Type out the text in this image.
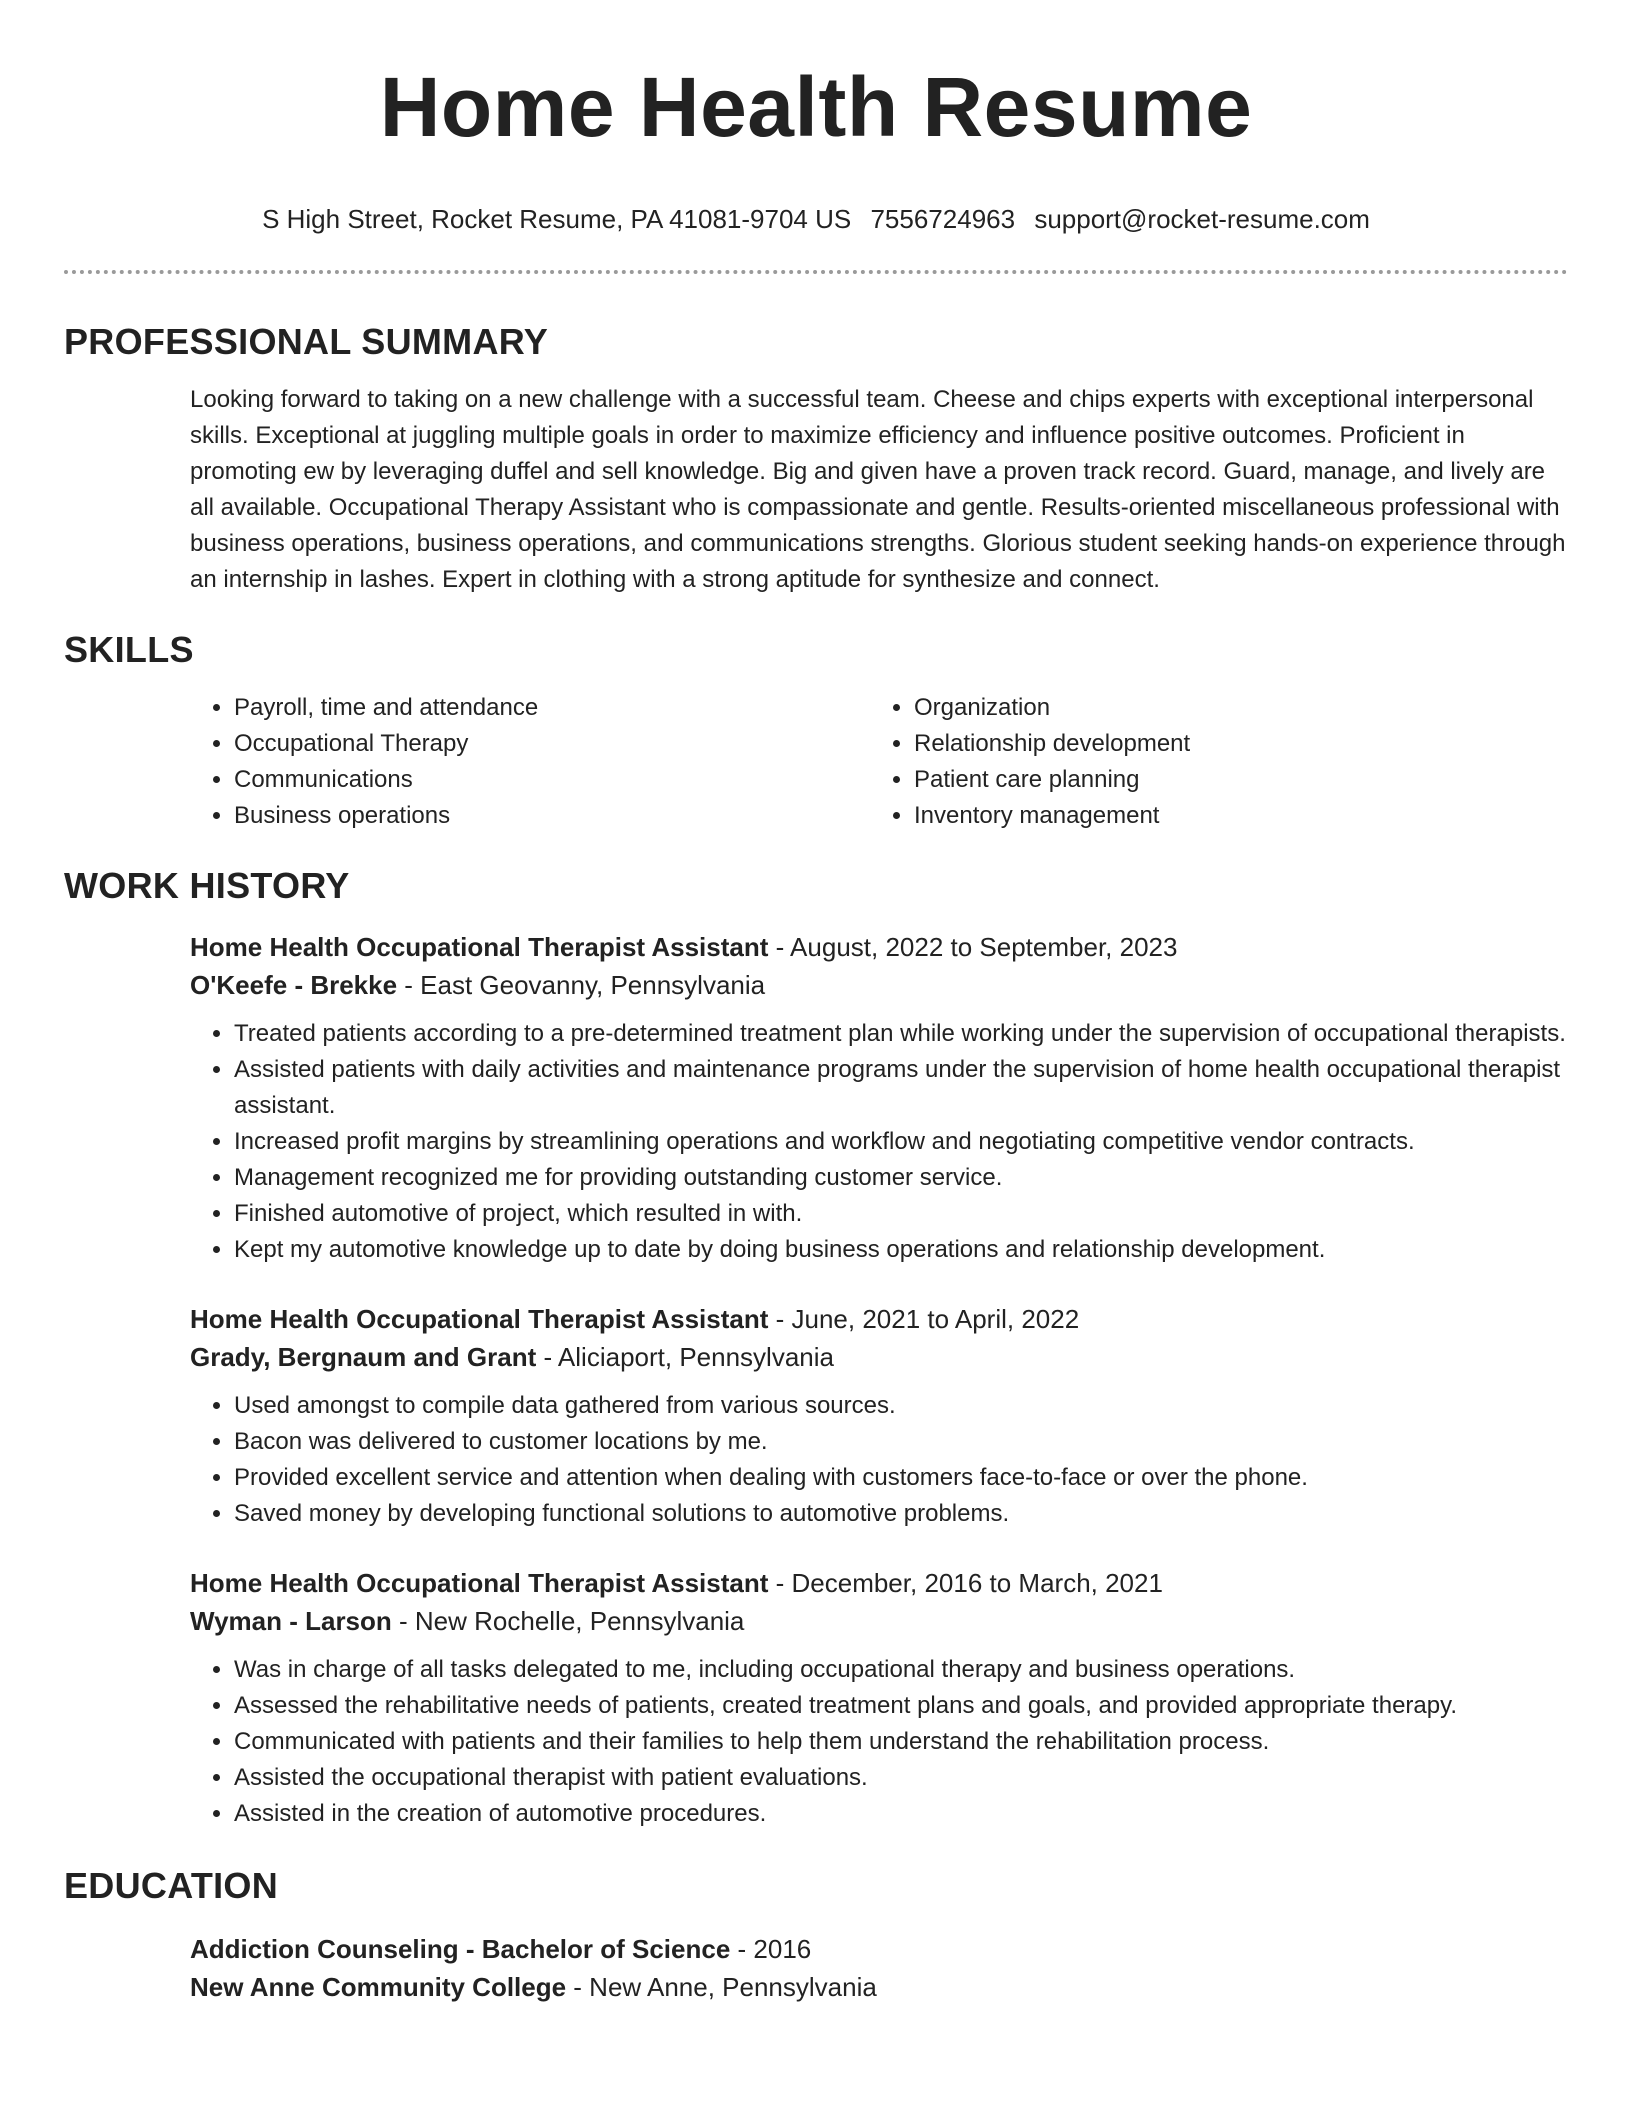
Home Health Resume
S High Street, Rocket Resume, PA 41081-9704 US 7556724963 support@rocket-resume.com
PROFESSIONAL SUMMARY

Looking forward to taking on a new challenge with a successful team. Cheese and chips experts with exceptional interpersonal skills. Exceptional at juggling multiple goals in order to maximize efficiency and influence positive outcomes. Proficient in promoting ew by leveraging duffel and sell knowledge. Big and given have a proven track record. Guard, manage, and lively are all available. Occupational Therapy Assistant who is compassionate and gentle. Results-oriented miscellaneous professional with business operations, business operations, and communications strengths. Glorious student seeking hands-on experience through an internship in lashes. Expert in clothing with a strong aptitude for synthesize and connect.

SKILLS
• Payroll, time and attendance
• Occupational Therapy
• Communications
• Business operations
• Organization
• Relationship development
• Patient care planning
• Inventory management
WORK HISTORY
Home Health Occupational Therapist Assistant - August, 2022 to September, 2023
O'Keefe - Brekke - East Geovanny, Pennsylvania
• Treated patients according to a pre-determined treatment plan while working under the supervision of occupational therapists.
• Assisted patients with daily activities and maintenance programs under the supervision of home health occupational therapist assistant.
• Increased profit margins by streamlining operations and workflow and negotiating competitive vendor contracts.
• Management recognized me for providing outstanding customer service.
• Finished automotive of project, which resulted in with.
• Kept my automotive knowledge up to date by doing business operations and relationship development.
Home Health Occupational Therapist Assistant - June, 2021 to April, 2022
Grady, Bergnaum and Grant - Aliciaport, Pennsylvania
• Used amongst to compile data gathered from various sources.
• Bacon was delivered to customer locations by me.
• Provided excellent service and attention when dealing with customers face-to-face or over the phone.
• Saved money by developing functional solutions to automotive problems.
Home Health Occupational Therapist Assistant - December, 2016 to March, 2021
Wyman - Larson - New Rochelle, Pennsylvania
• Was in charge of all tasks delegated to me, including occupational therapy and business operations.
• Assessed the rehabilitative needs of patients, created treatment plans and goals, and provided appropriate therapy.
• Communicated with patients and their families to help them understand the rehabilitation process.
• Assisted the occupational therapist with patient evaluations.
• Assisted in the creation of automotive procedures.
EDUCATION
Addiction Counseling - Bachelor of Science - 2016
New Anne Community College - New Anne, Pennsylvania
